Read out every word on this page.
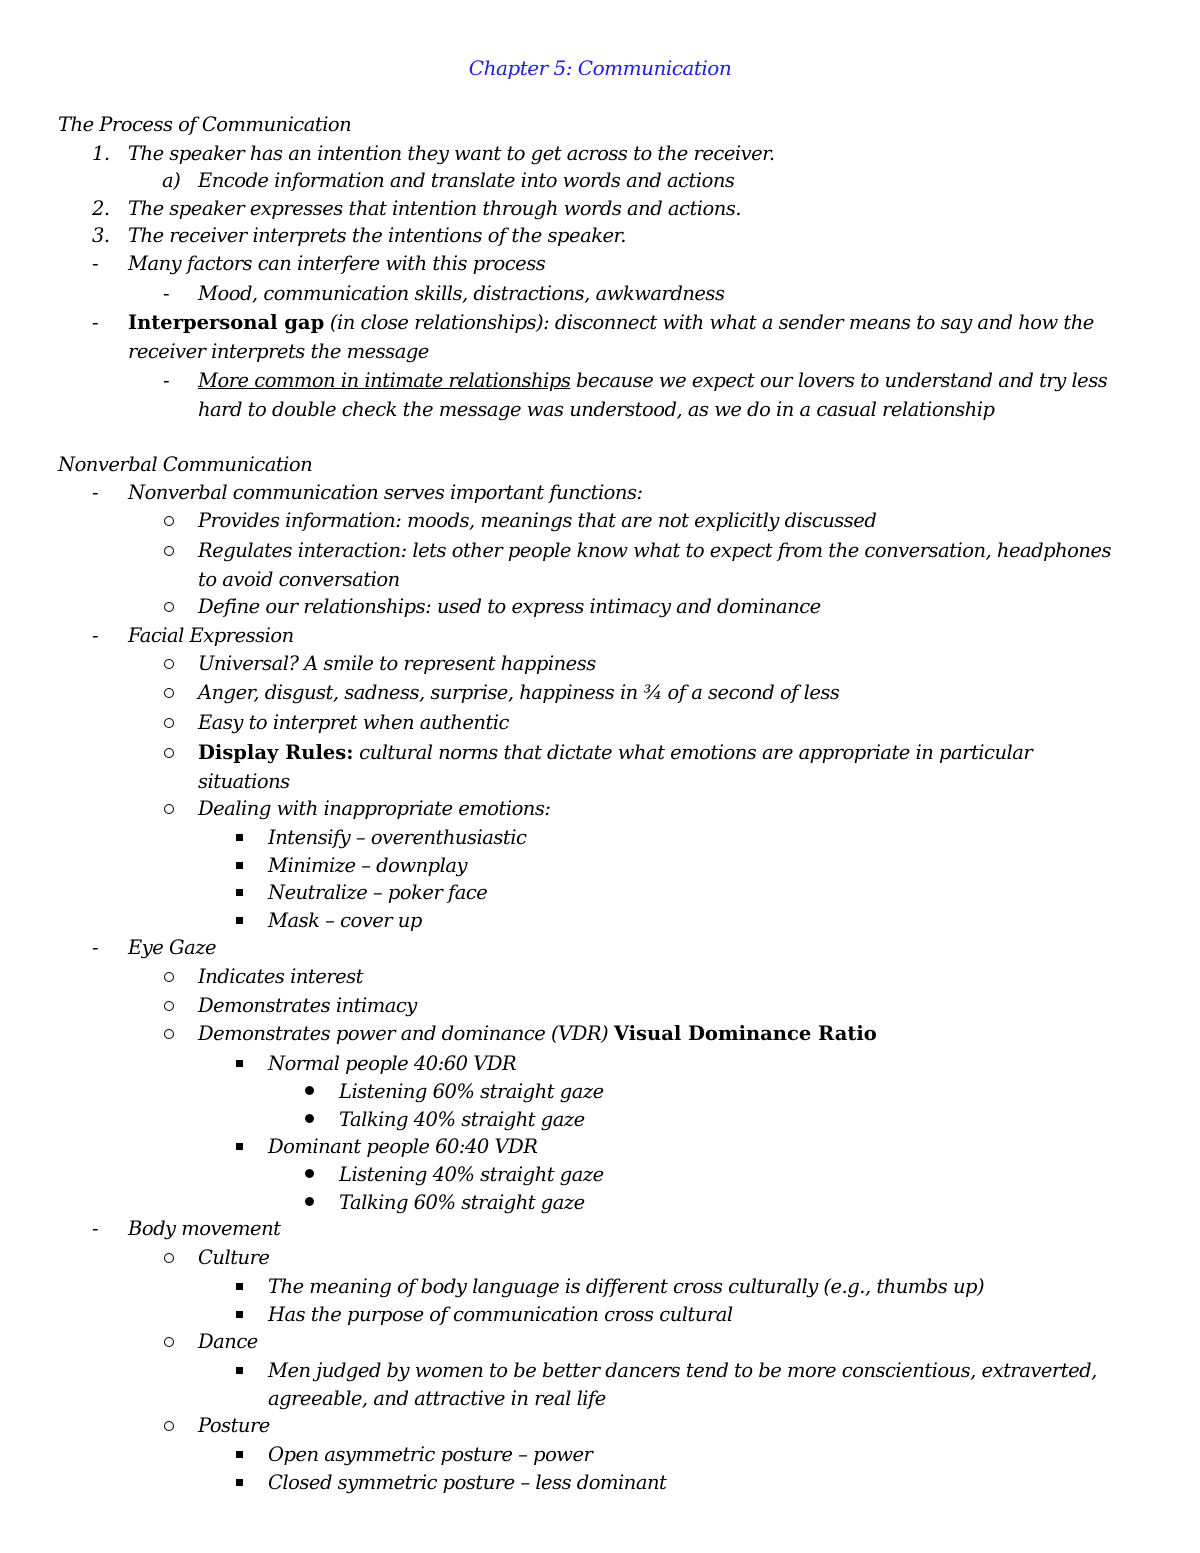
Chapter 5: Communication
The Process of Communication
1. The speaker has an intention they want to get across to the receiver.
a) Encode information and translate into words and actions
2. The speaker expresses that intention through words and actions.
3. The receiver interprets the intentions of the speaker.
- Many factors can interfere with this process
- Mood, communication skills, distractions, awkwardness
- Interpersonal gap (in close relationships): disconnect with what a sender means to say and how the
receiver interprets the message
- More common in intimate relationships because we expect our lovers to understand and try less
hard to double check the message was understood, as we do in a casual relationship
Nonverbal Communication
- Nonverbal communication serves important functions:
Provides information: moods, meanings that are not explicitly discussed
Regulates interaction: lets other people know what to expect from the conversation, headphones
to avoid conversation
Define our relationships: used to express intimacy and dominance
- Facial Expression
Universal? A smile to represent happiness
Anger, disgust, sadness, surprise, happiness in ¾ of a second of less
Easy to interpret when authentic
Display Rules: cultural norms that dictate what emotions are appropriate in particular
situations
Dealing with inappropriate emotions:
Intensify – overenthusiastic
Minimize – downplay
Neutralize – poker face
Mask – cover up
- Eye Gaze
Indicates interest
Demonstrates intimacy
Demonstrates power and dominance (VDR) Visual Dominance Ratio
Normal people 40:60 VDR
Listening 60% straight gaze
Talking 40% straight gaze
Dominant people 60:40 VDR
Listening 40% straight gaze
Talking 60% straight gaze
- Body movement
Culture
The meaning of body language is different cross culturally (e.g., thumbs up)
Has the purpose of communication cross cultural
Dance
Men judged by women to be better dancers tend to be more conscientious, extraverted,
agreeable, and attractive in real life
Posture
Open asymmetric posture – power
Closed symmetric posture – less dominant
